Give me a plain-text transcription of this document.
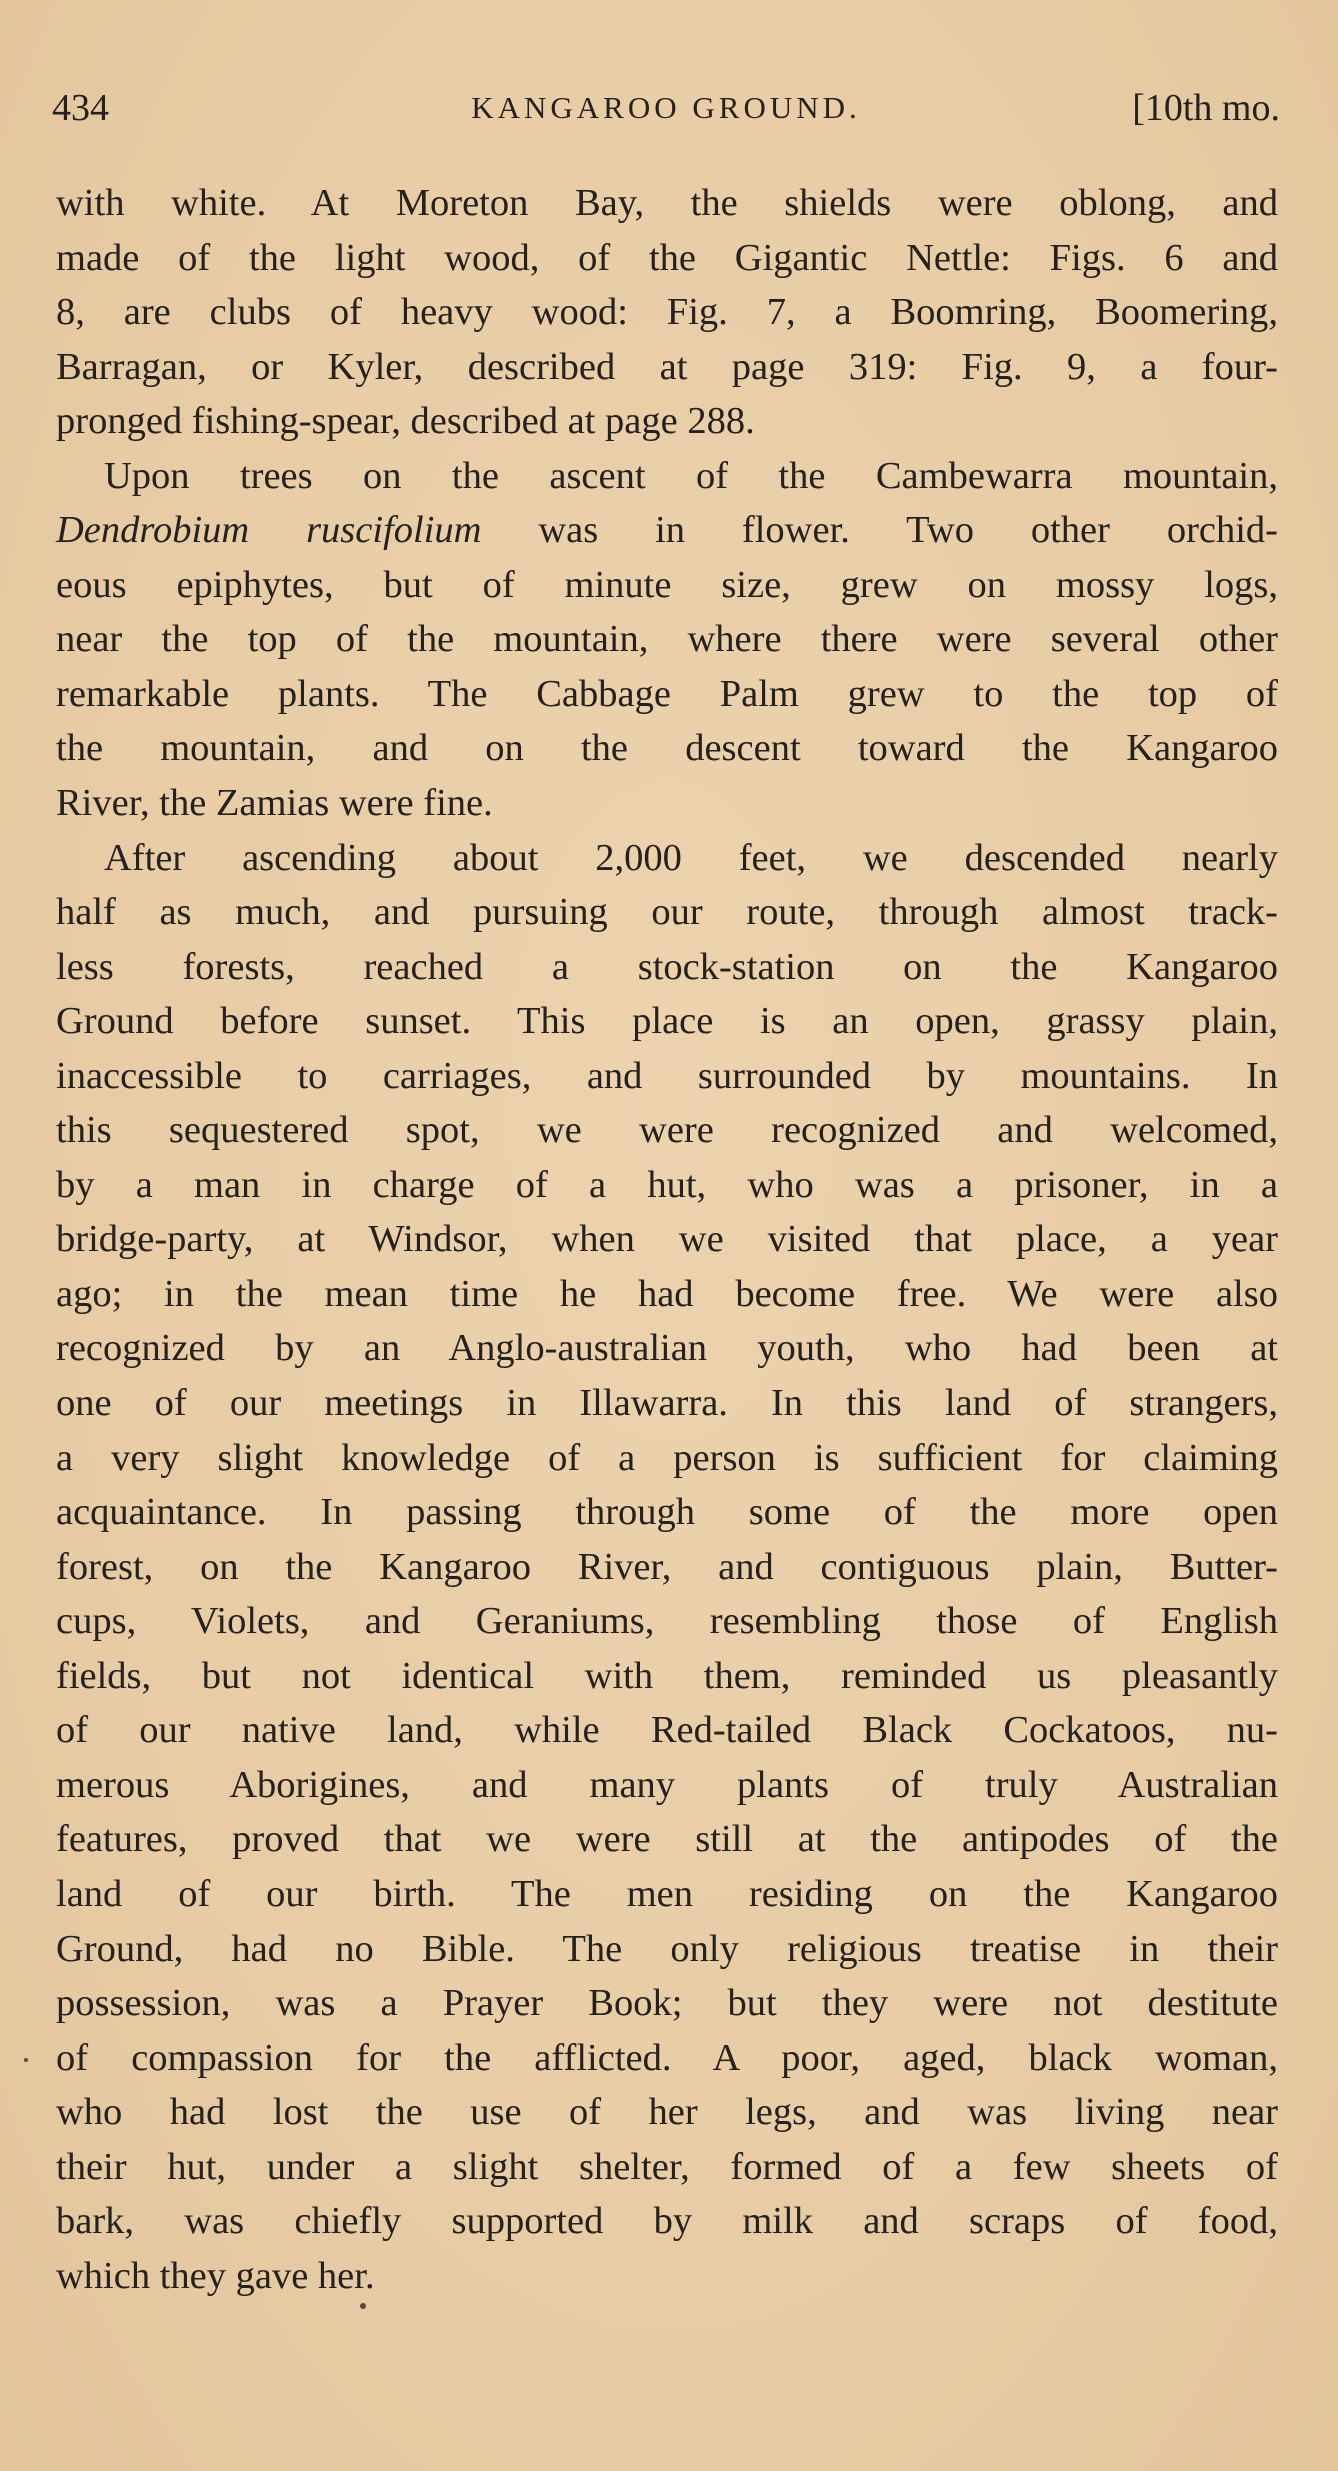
434	KANGAROO GROUND.	[10th mo.
with white. At Moreton Bay, the shields were oblong, and
made of the light wood, of the Gigantic Nettle: Figs. 6 and
8, are clubs of heavy wood: Fig. 7, a Boomring, Boomering,
Barragan, or Kyler, described at page 319: Fig. 9, a four-
pronged fishing-spear, described at page 288.
Upon trees on the ascent of the Cambewarra mountain,
Dendrobium ruscifolium was in flower. Two other orchid-
eous epiphytes, but of minute size, grew on mossy logs,
near the top of the mountain, where there were several other
remarkable plants. The Cabbage Palm grew to the top of
the mountain, and on the descent toward the Kangaroo
River, the Zamias were fine.
After ascending about 2,000 feet, we descended nearly
half as much, and pursuing our route, through almost track-
less forests, reached a stock-station on the Kangaroo
Ground before sunset. This place is an open, grassy plain,
inaccessible to carriages, and surrounded by mountains. In
this sequestered spot, we were recognized and welcomed,
by a man in charge of a hut, who was a prisoner, in a
bridge-party, at Windsor, when we visited that place, a year
ago; in the mean time he had become free. We were also
recognized by an Anglo-australian youth, who had been at
one of our meetings in Illawarra. In this land of strangers,
a very slight knowledge of a person is sufficient for claiming
acquaintance. In passing through some of the more open
forest, on the Kangaroo River, and contiguous plain, Butter-
cups, Violets, and Geraniums, resembling those of English
fields, but not identical with them, reminded us pleasantly
of our native land, while Red-tailed Black Cockatoos, nu-
merous Aborigines, and many plants of truly Australian
features, proved that we were still at the antipodes of the
land of our birth. The men residing on the Kangaroo
Ground, had no Bible. The only religious treatise in their
possession, was a Prayer Book; but they were not destitute
of compassion for the afflicted. A poor, aged, black woman,
who had lost the use of her legs, and was living near
their hut, under a slight shelter, formed of a few sheets of
bark, was chiefly supported by milk and scraps of food,
which they gave her.
